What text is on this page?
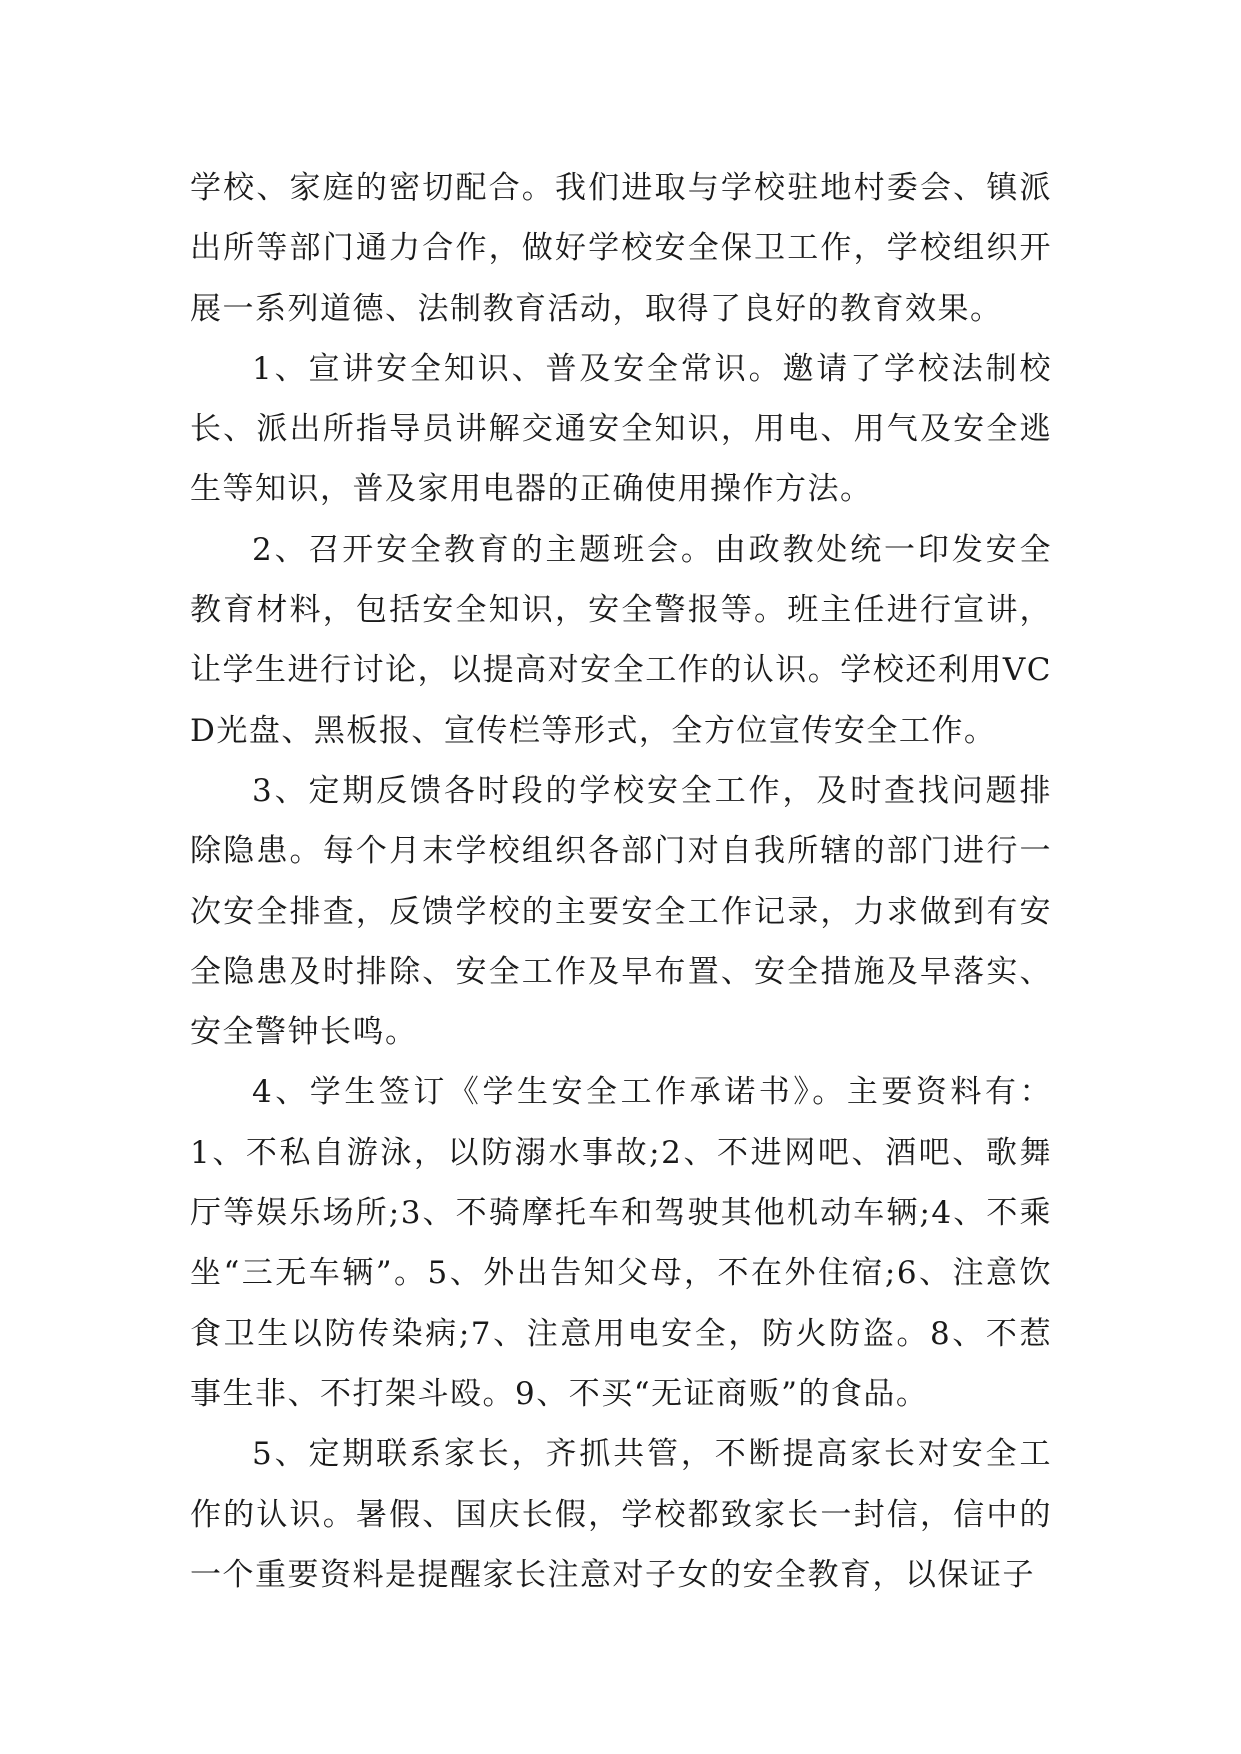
学校、家庭的密切配合。我们进取与学校驻地村委会、镇派出所等部门通力合作，做好学校安全保卫工作，学校组织开展一系列道德、法制教育活动，取得了良好的教育效果。

1、宣讲安全知识、普及安全常识。邀请了学校法制校长、派出所指导员讲解交通安全知识，用电、用气及安全逃生等知识，普及家用电器的正确使用操作方法。

2、召开安全教育的主题班会。由政教处统一印发安全教育材料，包括安全知识，安全警报等。班主任进行宣讲，让学生进行讨论，以提高对安全工作的认识。学校还利用VCD光盘、黑板报、宣传栏等形式，全方位宣传安全工作。

3、定期反馈各时段的学校安全工作，及时查找问题排除隐患。每个月末学校组织各部门对自我所辖的部门进行一次安全排查，反馈学校的主要安全工作记录，力求做到有安全隐患及时排除、安全工作及早布置、安全措施及早落实、安全警钟长鸣。

4、学生签订《学生安全工作承诺书》。主要资料有：1、不私自游泳，以防溺水事故;2、不进网吧、酒吧、歌舞厅等娱乐场所;3、不骑摩托车和驾驶其他机动车辆;4、不乘坐“三无车辆”。5、外出告知父母，不在外住宿;6、注意饮食卫生以防传染病;7、注意用电安全，防火防盗。8、不惹事生非、不打架斗殴。9、不买“无证商贩”的食品。

5、定期联系家长，齐抓共管，不断提高家长对安全工作的认识。暑假、国庆长假，学校都致家长一封信，信中的一个重要资料是提醒家长注意对子女的安全教育，以保证子
